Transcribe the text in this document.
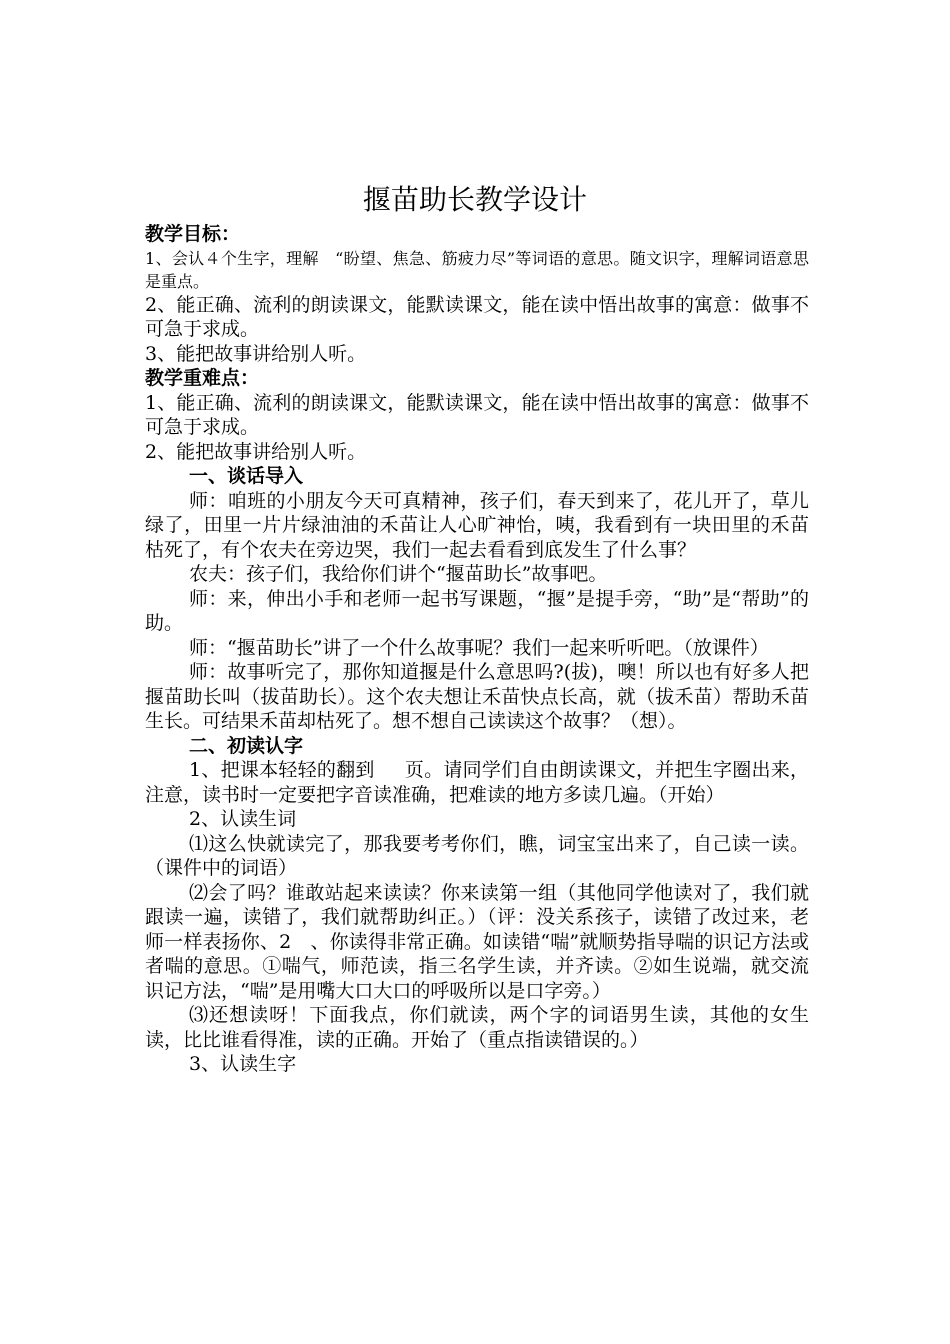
揠苗助长教学设计

教学目标：

1、会认４个生字，理解　“盼望、焦急、筋疲力尽”等词语的意思。随文识字，理解词语意思是重点。

2、能正确、流利的朗读课文，能默读课文，能在读中悟出故事的寓意：做事不可急于求成。

3、能把故事讲给别人听。

教学重难点：

1、能正确、流利的朗读课文，能默读课文，能在读中悟出故事的寓意：做事不可急于求成。

2、能把故事讲给别人听。

一、谈话导入

师：咱班的小朋友今天可真精神，孩子们，春天到来了，花儿开了，草儿绿了，田里一片片绿油油的禾苗让人心旷神怡，咦，我看到有一块田里的禾苗枯死了，有个农夫在旁边哭，我们一起去看看到底发生了什么事？

农夫：孩子们，我给你们讲个“揠苗助长”故事吧。

师：来，伸出小手和老师一起书写课题，“揠”是提手旁，“助”是“帮助”的助。

师：“揠苗助长”讲了一个什么故事呢？我们一起来听听吧。（放课件）

师：故事听完了，那你知道揠是什么意思吗?(拔)，噢！所以也有好多人把揠苗助长叫（拔苗助长）。这个农夫想让禾苗快点长高，就（拔禾苗）帮助禾苗生长。可结果禾苗却枯死了。想不想自己读读这个故事？（想）。

二、初读认字

1、把课本轻轻的翻到 页。请同学们自由朗读课文，并把生字圈出来，注意，读书时一定要把字音读准确，把难读的地方多读几遍。（开始）

2、认读生词

⑴这么快就读完了，那我要考考你们，瞧，词宝宝出来了，自己读一读。（课件中的词语）

⑵会了吗？谁敢站起来读读？你来读第一组（其他同学他读对了，我们就跟读一遍，读错了，我们就帮助纠正。）（评：没关系孩子，读错了改过来，老师一样表扬你、2　、你读得非常正确。如读错“喘”就顺势指导喘的识记方法或者喘的意思。①喘气，师范读，指三名学生读，并齐读。②如生说端，就交流识记方法，“喘”是用嘴大口大口的呼吸所以是口字旁。）

⑶还想读呀！下面我点，你们就读，两个字的词语男生读，其他的女生读，比比谁看得准，读的正确。开始了（重点指读错误的。）

3、认读生字
